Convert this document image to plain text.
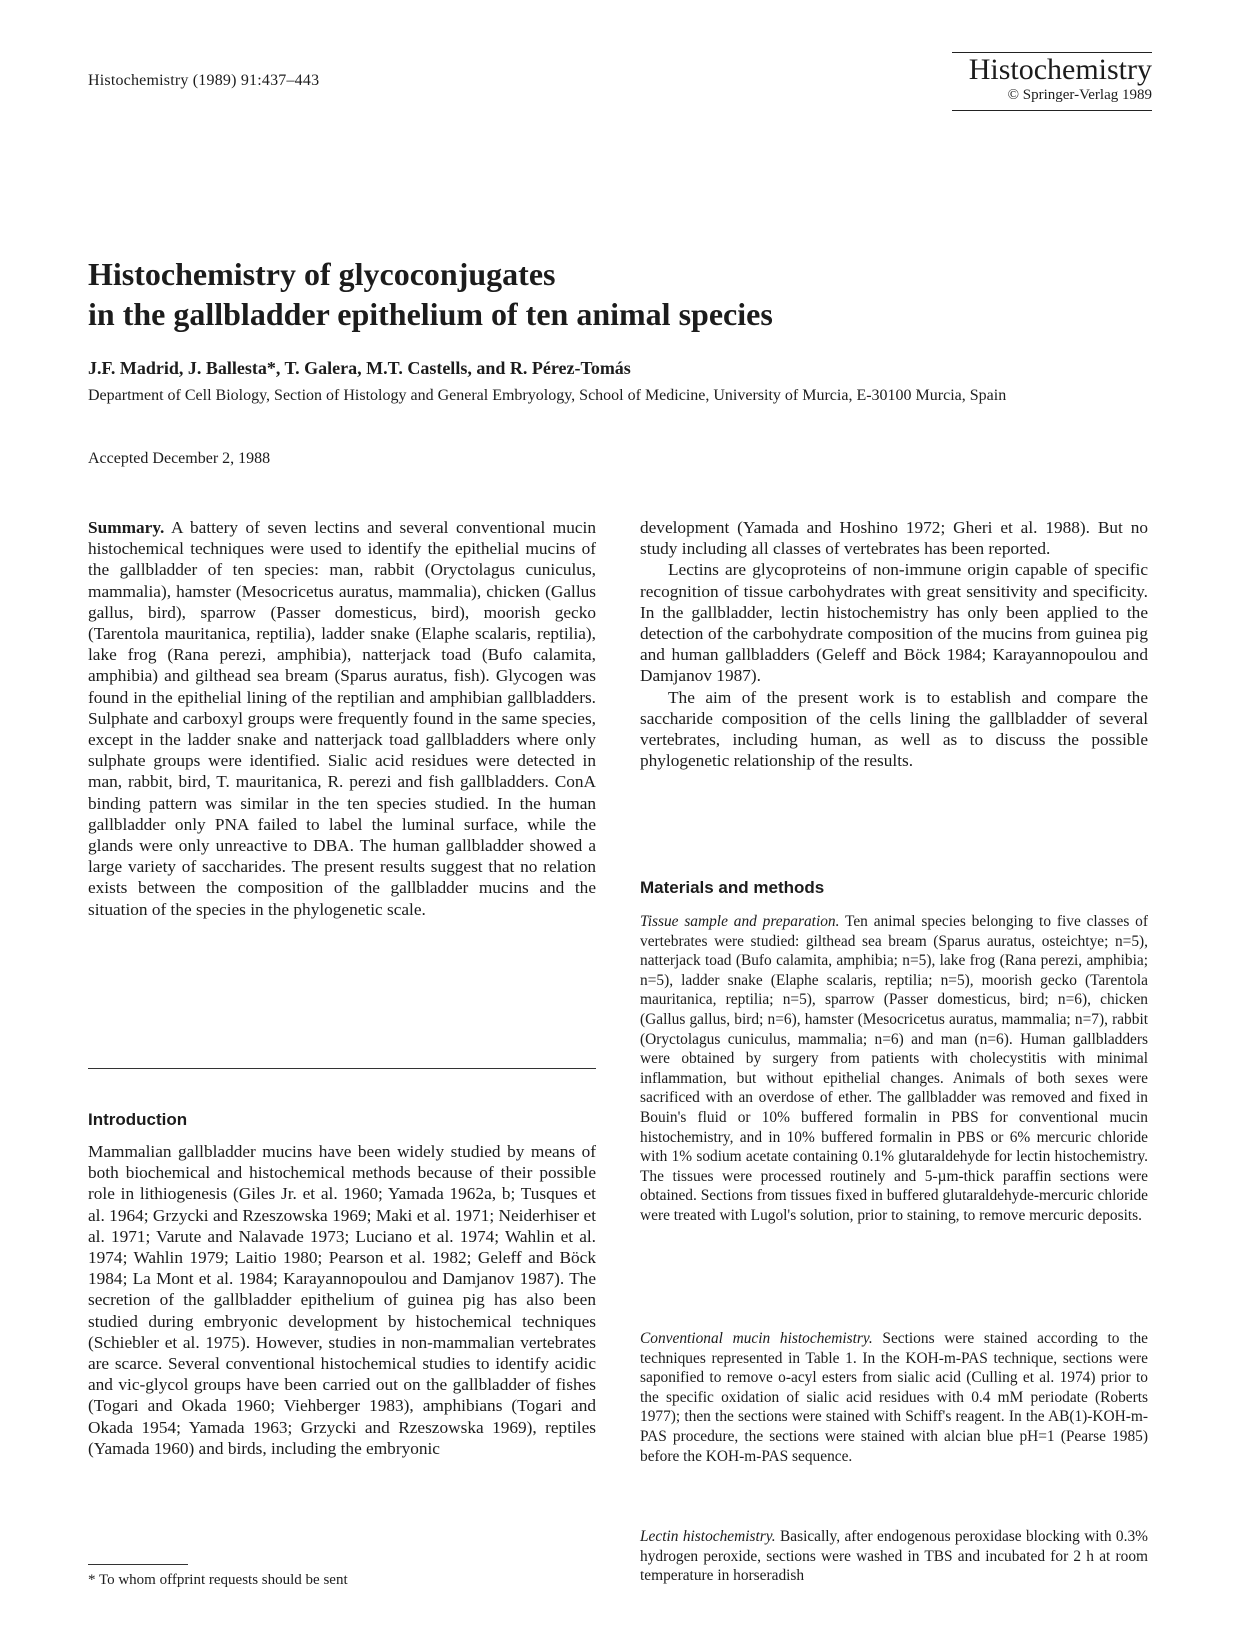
Histochemistry (1989) 91:437–443	Histochemistry
© Springer-Verlag 1989
Histochemistry of glycoconjugates
in the gallbladder epithelium of ten animal species
J.F. Madrid, J. Ballesta*, T. Galera, M.T. Castells, and R. Pérez-Tomás
Department of Cell Biology, Section of Histology and General Embryology, School of Medicine, University of Murcia, E-30100 Murcia, Spain
Accepted December 2, 1988

Summary. A battery of seven lectins and several conventional mucin histochemical techniques were used to identify the epithelial mucins of the gallbladder of ten species: man, rabbit (Oryctolagus cuniculus, mammalia), hamster (Mesocricetus auratus, mammalia), chicken (Gallus gallus, bird), sparrow (Passer domesticus, bird), moorish gecko (Tarentola mauritanica, reptilia), ladder snake (Elaphe scalaris, reptilia), lake frog (Rana perezi, amphibia), natterjack toad (Bufo calamita, amphibia) and gilthead sea bream (Sparus auratus, fish). Glycogen was found in the epithelial lining of the reptilian and amphibian gallbladders. Sulphate and carboxyl groups were frequently found in the same species, except in the ladder snake and natterjack toad gallbladders where only sulphate groups were identified. Sialic acid residues were detected in man, rabbit, bird, T. mauritanica, R. perezi and fish gallbladders. ConA binding pattern was similar in the ten species studied. In the human gallbladder only PNA failed to label the luminal surface, while the glands were only unreactive to DBA. The human gallbladder showed a large variety of saccharides. The present results suggest that no relation exists between the composition of the gallbladder mucins and the situation of the species in the phylogenetic scale.

Introduction

Mammalian gallbladder mucins have been widely studied by means of both biochemical and histochemical methods because of their possible role in lithiogenesis (Giles Jr. et al. 1960; Yamada 1962a, b; Tusques et al. 1964; Grzycki and Rzeszowska 1969; Maki et al. 1971; Neiderhiser et al. 1971; Varute and Nalavade 1973; Luciano et al. 1974; Wahlin et al. 1974; Wahlin 1979; Laitio 1980; Pearson et al. 1982; Geleff and Böck 1984; La Mont et al. 1984; Karayannopoulou and Damjanov 1987). The secretion of the gallbladder epithelium of guinea pig has also been studied during embryonic development by histochemical techniques (Schiebler et al. 1975). However, studies in non-mammalian vertebrates are scarce. Several conventional histochemical studies to identify acidic and vic-glycol groups have been carried out on the gallbladder of fishes (Togari and Okada 1960; Viehberger 1983), amphibians (Togari and Okada 1954; Yamada 1963; Grzycki and Rzeszowska 1969), reptiles (Yamada 1960) and birds, including the embryonic

* To whom offprint requests should be sent

development (Yamada and Hoshino 1972; Gheri et al. 1988). But no study including all classes of vertebrates has been reported.

Lectins are glycoproteins of non-immune origin capable of specific recognition of tissue carbohydrates with great sensitivity and specificity. In the gallbladder, lectin histochemistry has only been applied to the detection of the carbohydrate composition of the mucins from guinea pig and human gallbladders (Geleff and Böck 1984; Karayannopoulou and Damjanov 1987).

The aim of the present work is to establish and compare the saccharide composition of the cells lining the gallbladder of several vertebrates, including human, as well as to discuss the possible phylogenetic relationship of the results.

Materials and methods

Tissue sample and preparation. Ten animal species belonging to five classes of vertebrates were studied: gilthead sea bream (Sparus auratus, osteichtye; n=5), natterjack toad (Bufo calamita, amphibia; n=5), lake frog (Rana perezi, amphibia; n=5), ladder snake (Elaphe scalaris, reptilia; n=5), moorish gecko (Tarentola mauritanica, reptilia; n=5), sparrow (Passer domesticus, bird; n=6), chicken (Gallus gallus, bird; n=6), hamster (Mesocricetus auratus, mammalia; n=7), rabbit (Oryctolagus cuniculus, mammalia; n=6) and man (n=6). Human gallbladders were obtained by surgery from patients with cholecystitis with minimal inflammation, but without epithelial changes. Animals of both sexes were sacrificed with an overdose of ether. The gallbladder was removed and fixed in Bouin's fluid or 10% buffered formalin in PBS for conventional mucin histochemistry, and in 10% buffered formalin in PBS or 6% mercuric chloride with 1% sodium acetate containing 0.1% glutaraldehyde for lectin histochemistry. The tissues were processed routinely and 5-µm-thick paraffin sections were obtained. Sections from tissues fixed in buffered glutaraldehyde-mercuric chloride were treated with Lugol's solution, prior to staining, to remove mercuric deposits.

Conventional mucin histochemistry. Sections were stained according to the techniques represented in Table 1. In the KOH-m-PAS technique, sections were saponified to remove o-acyl esters from sialic acid (Culling et al. 1974) prior to the specific oxidation of sialic acid residues with 0.4 mM periodate (Roberts 1977); then the sections were stained with Schiff's reagent. In the AB(1)-KOH-m-PAS procedure, the sections were stained with alcian blue pH=1 (Pearse 1985) before the KOH-m-PAS sequence.

Lectin histochemistry. Basically, after endogenous peroxidase blocking with 0.3% hydrogen peroxide, sections were washed in TBS and incubated for 2 h at room temperature in horseradish
